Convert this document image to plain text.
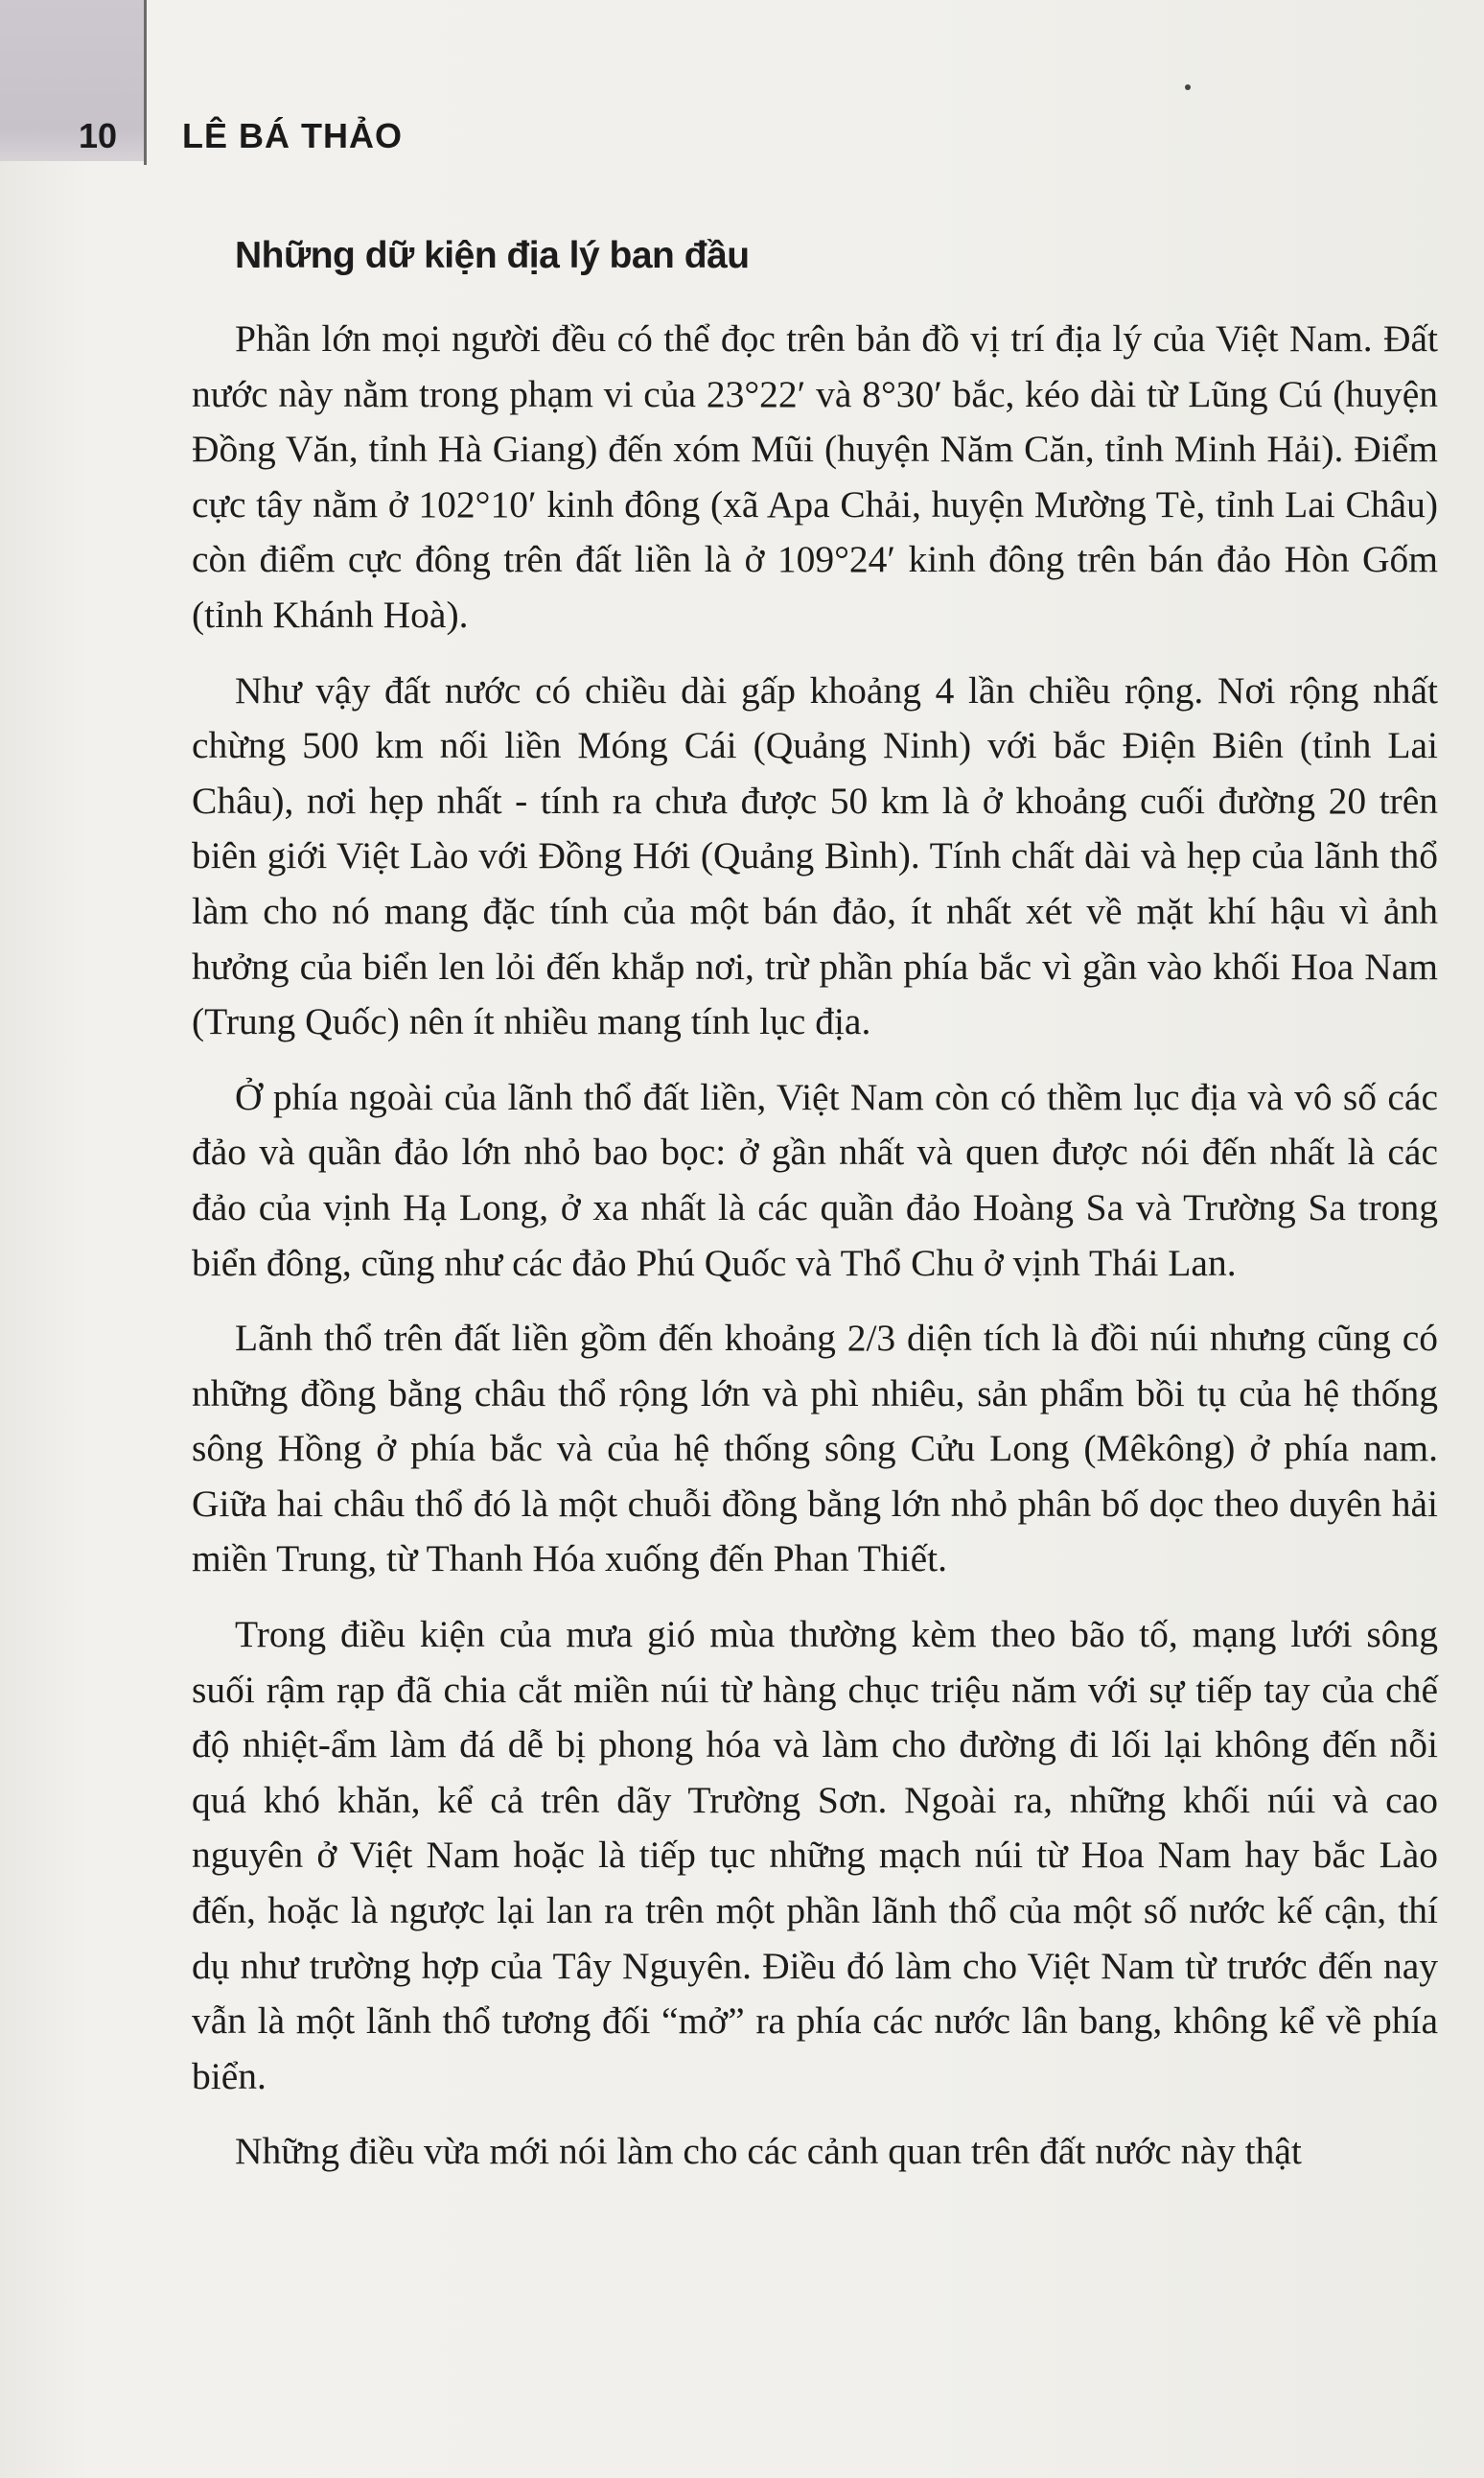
10	LÊ BÁ THẢO
Những dữ kiện địa lý ban đầu

Phần lớn mọi người đều có thể đọc trên bản đồ vị trí địa lý của Việt Nam. Đất nước này nằm trong phạm vi của 23°22′ và 8°30′ bắc, kéo dài từ Lũng Cú (huyện Đồng Văn, tỉnh Hà Giang) đến xóm Mũi (huyện Năm Căn, tỉnh Minh Hải). Điểm cực tây nằm ở 102°10′ kinh đông (xã Apa Chải, huyện Mường Tè, tỉnh Lai Châu) còn điểm cực đông trên đất liền là ở 109°24′ kinh đông trên bán đảo Hòn Gốm (tỉnh Khánh Hoà).

Như vậy đất nước có chiều dài gấp khoảng 4 lần chiều rộng. Nơi rộng nhất chừng 500 km nối liền Móng Cái (Quảng Ninh) với bắc Điện Biên (tỉnh Lai Châu), nơi hẹp nhất - tính ra chưa được 50 km là ở khoảng cuối đường 20 trên biên giới Việt Lào với Đồng Hới (Quảng Bình). Tính chất dài và hẹp của lãnh thổ làm cho nó mang đặc tính của một bán đảo, ít nhất xét về mặt khí hậu vì ảnh hưởng của biển len lỏi đến khắp nơi, trừ phần phía bắc vì gần vào khối Hoa Nam (Trung Quốc) nên ít nhiều mang tính lục địa.

Ở phía ngoài của lãnh thổ đất liền, Việt Nam còn có thềm lục địa và vô số các đảo và quần đảo lớn nhỏ bao bọc: ở gần nhất và quen được nói đến nhất là các đảo của vịnh Hạ Long, ở xa nhất là các quần đảo Hoàng Sa và Trường Sa trong biển đông, cũng như các đảo Phú Quốc và Thổ Chu ở vịnh Thái Lan.

Lãnh thổ trên đất liền gồm đến khoảng 2/3 diện tích là đồi núi nhưng cũng có những đồng bằng châu thổ rộng lớn và phì nhiêu, sản phẩm bồi tụ của hệ thống sông Hồng ở phía bắc và của hệ thống sông Cửu Long (Mêkông) ở phía nam. Giữa hai châu thổ đó là một chuỗi đồng bằng lớn nhỏ phân bố dọc theo duyên hải miền Trung, từ Thanh Hóa xuống đến Phan Thiết.

Trong điều kiện của mưa gió mùa thường kèm theo bão tố, mạng lưới sông suối rậm rạp đã chia cắt miền núi từ hàng chục triệu năm với sự tiếp tay của chế độ nhiệt-ẩm làm đá dễ bị phong hóa và làm cho đường đi lối lại không đến nỗi quá khó khăn, kể cả trên dãy Trường Sơn. Ngoài ra, những khối núi và cao nguyên ở Việt Nam hoặc là tiếp tục những mạch núi từ Hoa Nam hay bắc Lào đến, hoặc là ngược lại lan ra trên một phần lãnh thổ của một số nước kế cận, thí dụ như trường hợp của Tây Nguyên. Điều đó làm cho Việt Nam từ trước đến nay vẫn là một lãnh thổ tương đối “mở” ra phía các nước lân bang, không kể về phía biển.

Những điều vừa mới nói làm cho các cảnh quan trên đất nước này thật
